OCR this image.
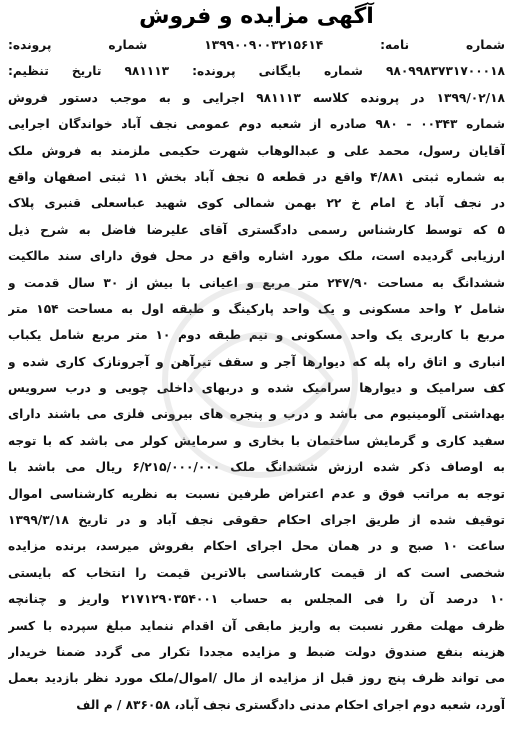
آگهی مزایده و فروش
شماره نامه: ۱۳۹۹۰۰۹۰۰۳۲۱۵۶۱۴ شماره پرونده:
۹۸۰۹۹۸۳۷۳۱۷۰۰۰۱۸ شماره بایگانی پرونده: ۹۸۱۱۱۳ تاریخ تنظیم:
۱۳۹۹/۰۲/۱۸ در پرونده کلاسه ۹۸۱۱۱۳ اجرایی و به موجب دستور فروش
شماره ۰۰۳۴۳ - ۹۸۰ صادره از شعبه دوم عمومی نجف آباد خواندگان اجرایی
آقایان رسول، محمد علی و عبدالوهاب شهرت حکیمی ملزمند به فروش ملک
به شماره ثبتی ۴/۸۸۱ واقع در قطعه ۵ نجف آباد بخش ۱۱ ثبتی اصفهان واقع
در نجف آباد خ امام خ ۲۲ بهمن شمالی کوی شهید عباسعلی قنبری پلاک
۵ که توسط کارشناس رسمی دادگستری آقای علیرضا فاضل به شرح ذیل
ارزیابی گردیده است، ملک مورد اشاره واقع در محل فوق دارای سند مالکیت
ششدانگ به مساحت ۲۴۷/۹۰ متر مربع و اعیانی با بیش از ۳۰ سال قدمت و
شامل ۲ واحد مسکونی و یک واحد پارکینگ و طبقه اول به مساحت ۱۵۴ متر
مربع با کاربری یک واحد مسکونی و نیم طبقه دوم ۱۰ متر مربع شامل یکباب
انباری و اتاق راه پله که دیوارها آجر و سقف تیرآهن و آجرونازک کاری شده و
کف سرامیک و دیوارها سرامیک شده و دربهای داخلی چوبی و درب سرویس
بهداشتی آلومینیوم می باشد و درب و پنجره های بیرونی فلزی می باشند دارای
سفید کاری و گرمایش ساختمان با بخاری و سرمایش کولر می باشد که با توجه
به اوصاف ذکر شده ارزش ششدانگ ملک ۶/۲۱۵/۰۰۰/۰۰۰ ریال می باشد با
توجه به مراتب فوق و عدم اعتراض طرفین نسبت به نظریه کارشناسی اموال
توقیف شده از طریق اجرای احکام حقوقی نجف آباد و در تاریخ ۱۳۹۹/۳/۱۸
ساعت ۱۰ صبح و در همان محل اجرای احکام بفروش میرسد، برنده مزایده
شخصی است که از قیمت کارشناسی بالاترین قیمت را انتخاب که بایستی
۱۰ درصد آن را فی المجلس به حساب ۲۱۷۱۲۹۰۳۵۴۰۰۱ واریز و چنانچه
ظرف مهلت مقرر نسبت به واریز مابقی آن اقدام ننماید مبلغ سپرده با کسر
هزینه بنفع صندوق دولت ضبط و مزایده مجددا تکرار می گردد ضمنا خریدار
می تواند ظرف پنج روز قبل از مزایده از مال /اموال/ملک مورد نظر بازدید بعمل
آورد، شعبه دوم اجرای احکام مدنی دادگستری نجف آباد، ۸۳۶۰۵۸ / م الف
